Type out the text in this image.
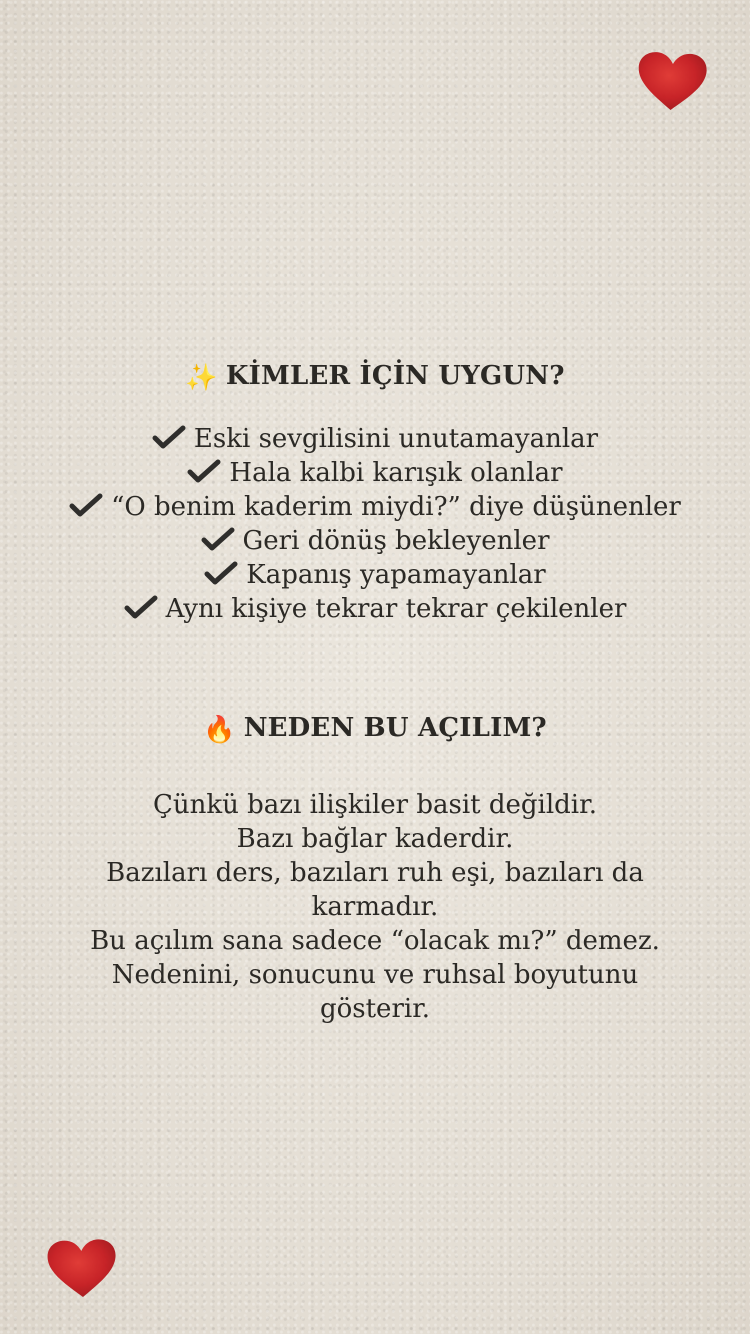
✨ KİMLER İÇİN UYGUN?
Eski sevgilisini unutamayanlar
Hala kalbi karışık olanlar
“O benim kaderim miydi?” diye düşünenler
Geri dönüş bekleyenler
Kapanış yapamayanlar
Aynı kişiye tekrar tekrar çekilenler
🔥 NEDEN BU AÇILIM?

Çünkü bazı ilişkiler basit değildir.

Bazı bağlar kaderdir.

Bazıları ders, bazıları ruh eşi, bazıları da karmadır.

Bu açılım sana sadece “olacak mı?” demez.

Nedenini, sonucunu ve ruhsal boyutunu gösterir.
